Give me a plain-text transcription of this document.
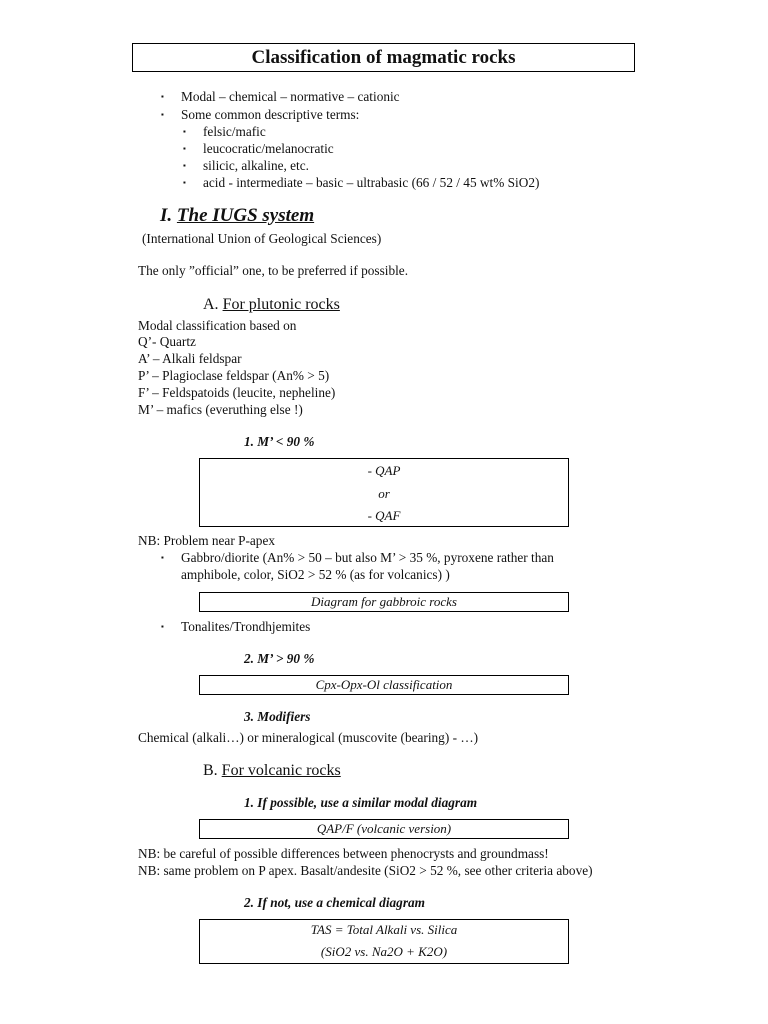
Classification of magmatic rocks
▪ Modal – chemical – normative – cationic
▪ Some common descriptive terms:
▪ felsic/mafic
▪ leucocratic/melanocratic
▪ silicic, alkaline, etc.
▪ acid - intermediate – basic – ultrabasic (66 / 52 / 45 wt% SiO2)
I. The IUGS system
(International Union of Geological Sciences)
The only ”official” one, to be preferred if possible.
A. For plutonic rocks
Modal classification based on
Q’- Quartz
A’ – Alkali feldspar
P’ – Plagioclase feldspar (An% > 5)
F’ – Feldspatoids (leucite, nepheline)
M’ – mafics (everuthing else !)
1. M’ < 90 %
- QAP
or
- QAF
NB: Problem near P-apex
▪ Gabbro/diorite (An% > 50 – but also M’ > 35 %, pyroxene rather than
amphibole, color, SiO2 > 52 % (as for volcanics) )
Diagram for gabbroic rocks
▪ Tonalites/Trondhjemites
2. M’ > 90 %
Cpx-Opx-Ol classification
3. Modifiers
Chemical (alkali…) or mineralogical (muscovite (bearing) - …)
B. For volcanic rocks
1. If possible, use a similar modal diagram
QAP/F (volcanic version)
NB: be careful of possible differences between phenocrysts and groundmass!
NB: same problem on P apex. Basalt/andesite (SiO2 > 52 %, see other criteria above)
2. If not, use a chemical diagram
TAS = Total Alkali vs. Silica
(SiO2 vs. Na2O + K2O)
